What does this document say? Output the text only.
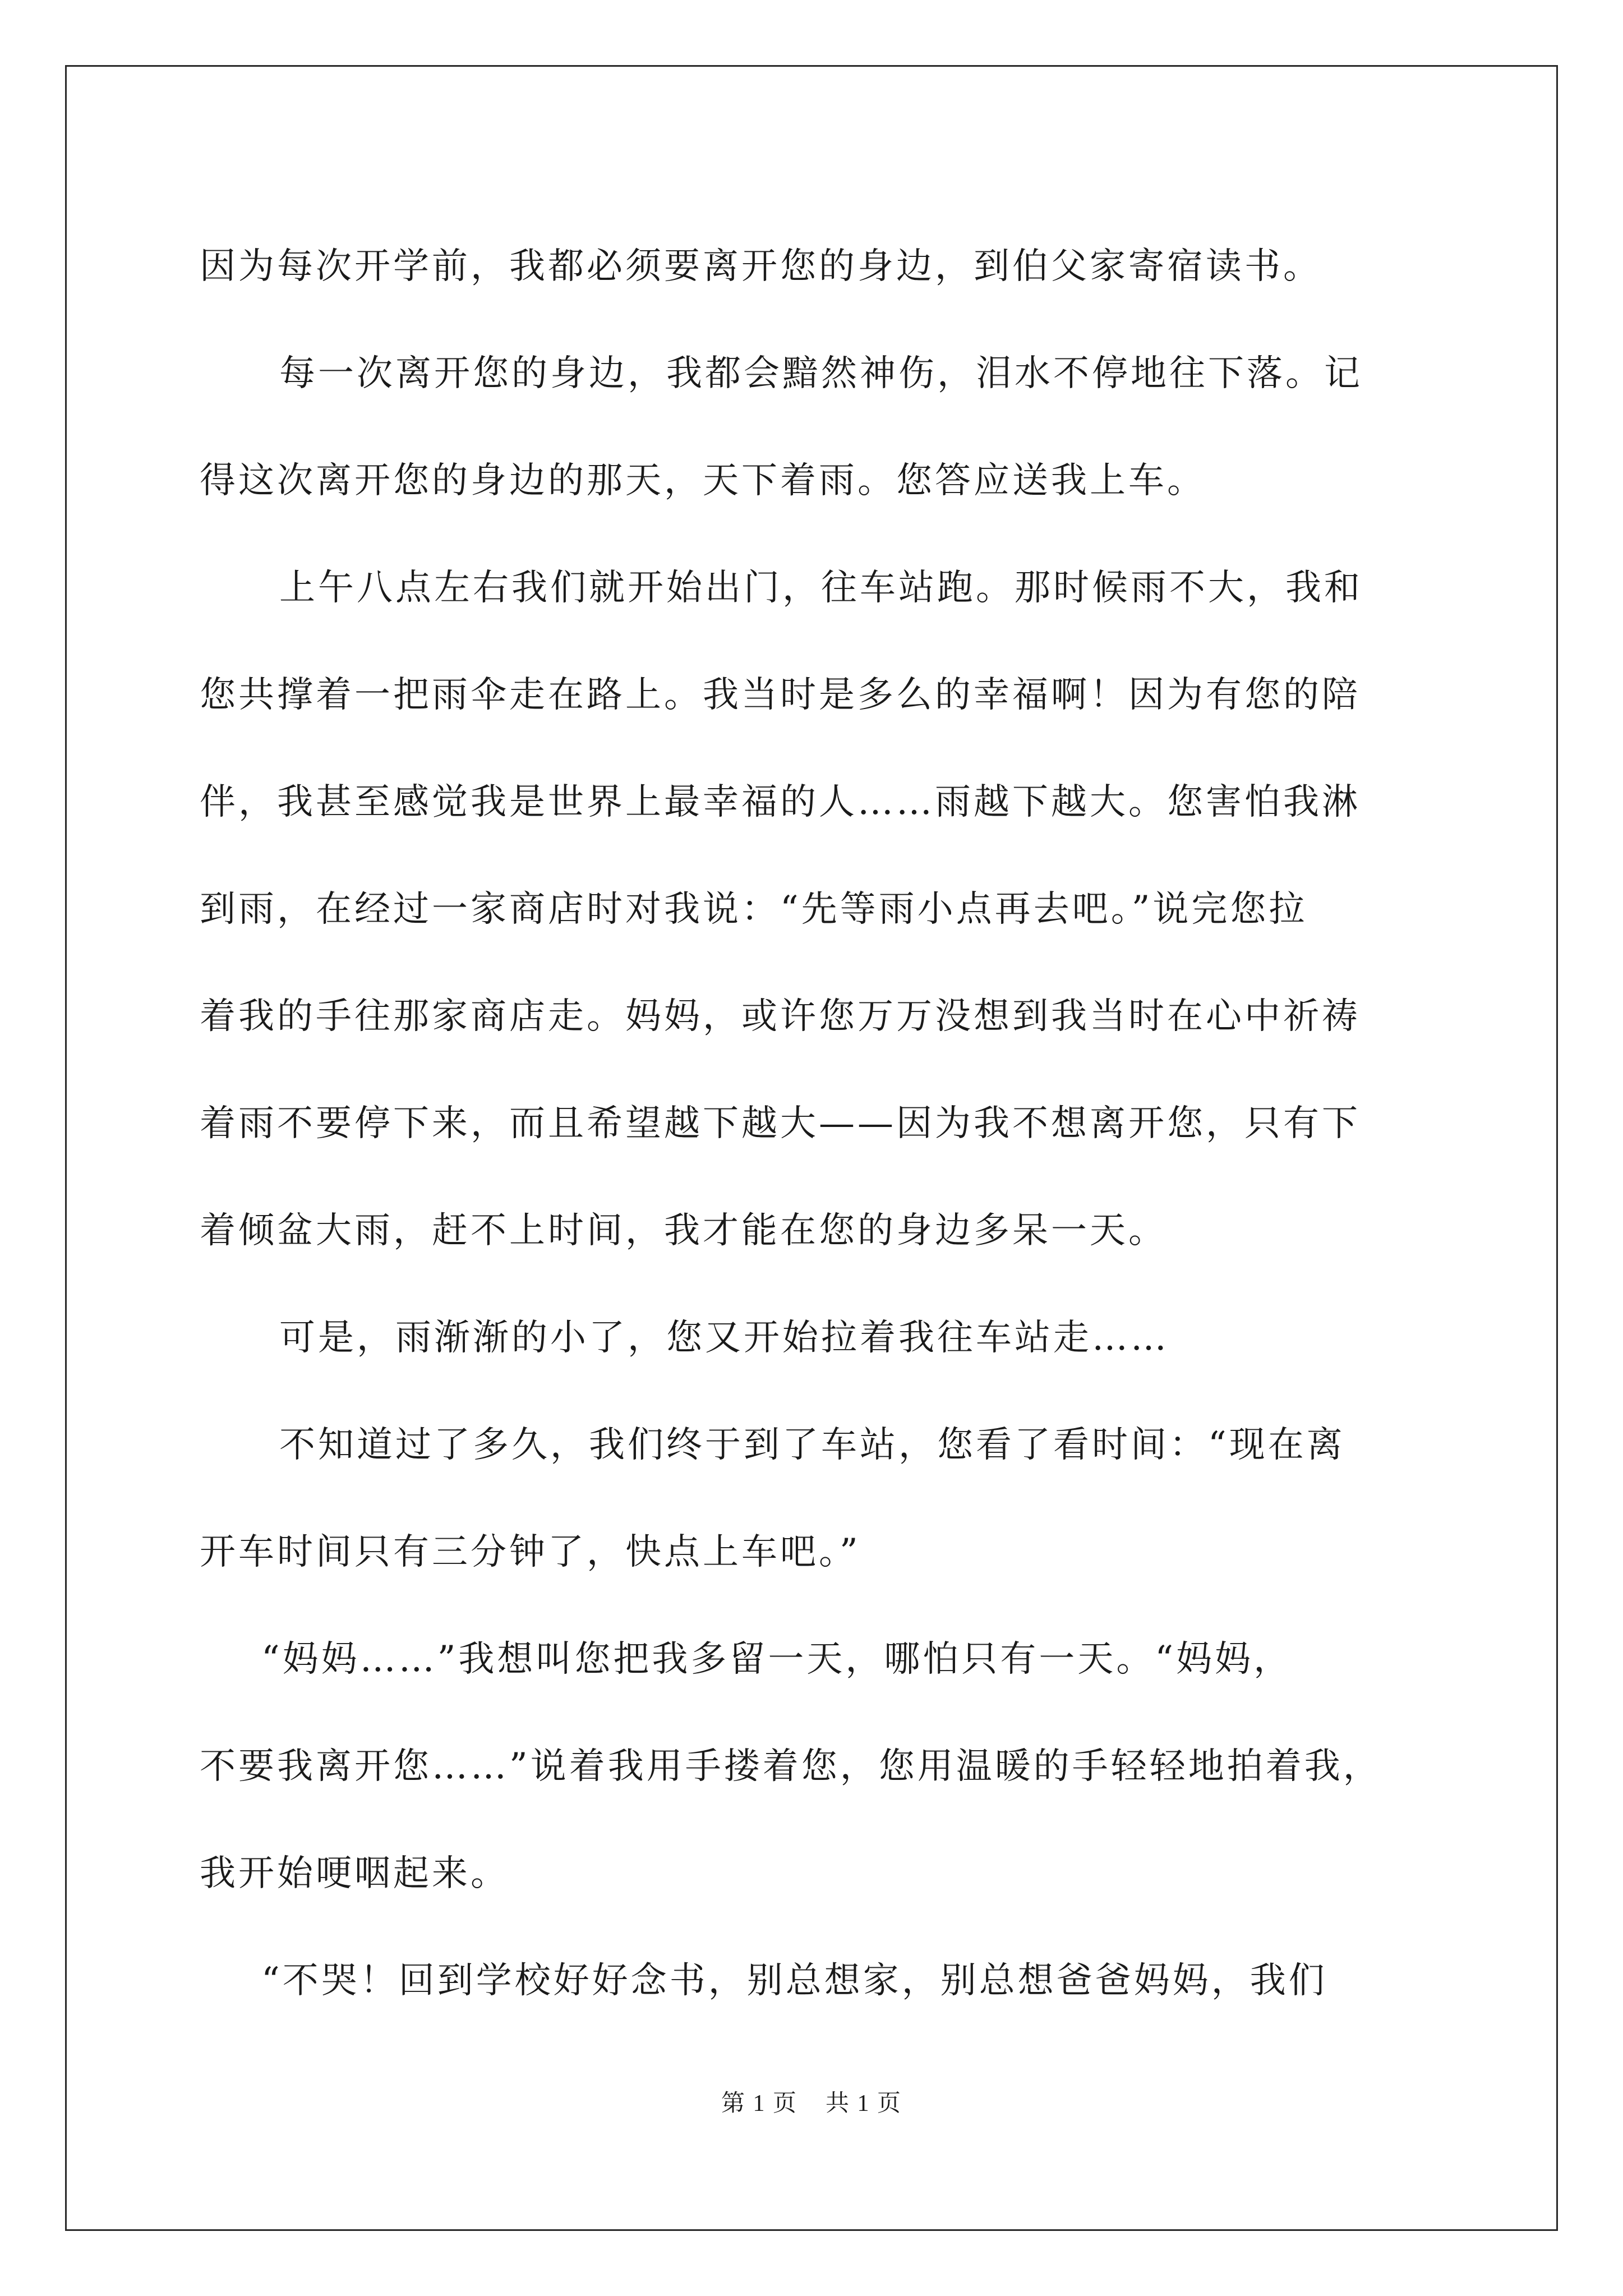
因为每次开学前，我都必须要离开您的身边，到伯父家寄宿读书。
每一次离开您的身边，我都会黯然神伤，泪水不停地往下落。记
得这次离开您的身边的那天，天下着雨。您答应送我上车。
上午八点左右我们就开始出门，往车站跑。那时候雨不大，我和
您共撑着一把雨伞走在路上。我当时是多么的幸福啊！因为有您的陪
伴，我甚至感觉我是世界上最幸福的人……雨越下越大。您害怕我淋
到雨，在经过一家商店时对我说：“先等雨小点再去吧。”说完您拉
着我的手往那家商店走。妈妈，或许您万万没想到我当时在心中祈祷
着雨不要停下来，而且希望越下越大——因为我不想离开您，只有下
着倾盆大雨，赶不上时间，我才能在您的身边多呆一天。
可是，雨渐渐的小了，您又开始拉着我往车站走……
不知道过了多久，我们终于到了车站，您看了看时间：“现在离
开车时间只有三分钟了，快点上车吧。”
“妈妈……”我想叫您把我多留一天，哪怕只有一天。“妈妈，
不要我离开您……”说着我用手搂着您，您用温暖的手轻轻地拍着我，
我开始哽咽起来。
“不哭！回到学校好好念书，别总想家，别总想爸爸妈妈，我们
第 1 页 共 1 页
